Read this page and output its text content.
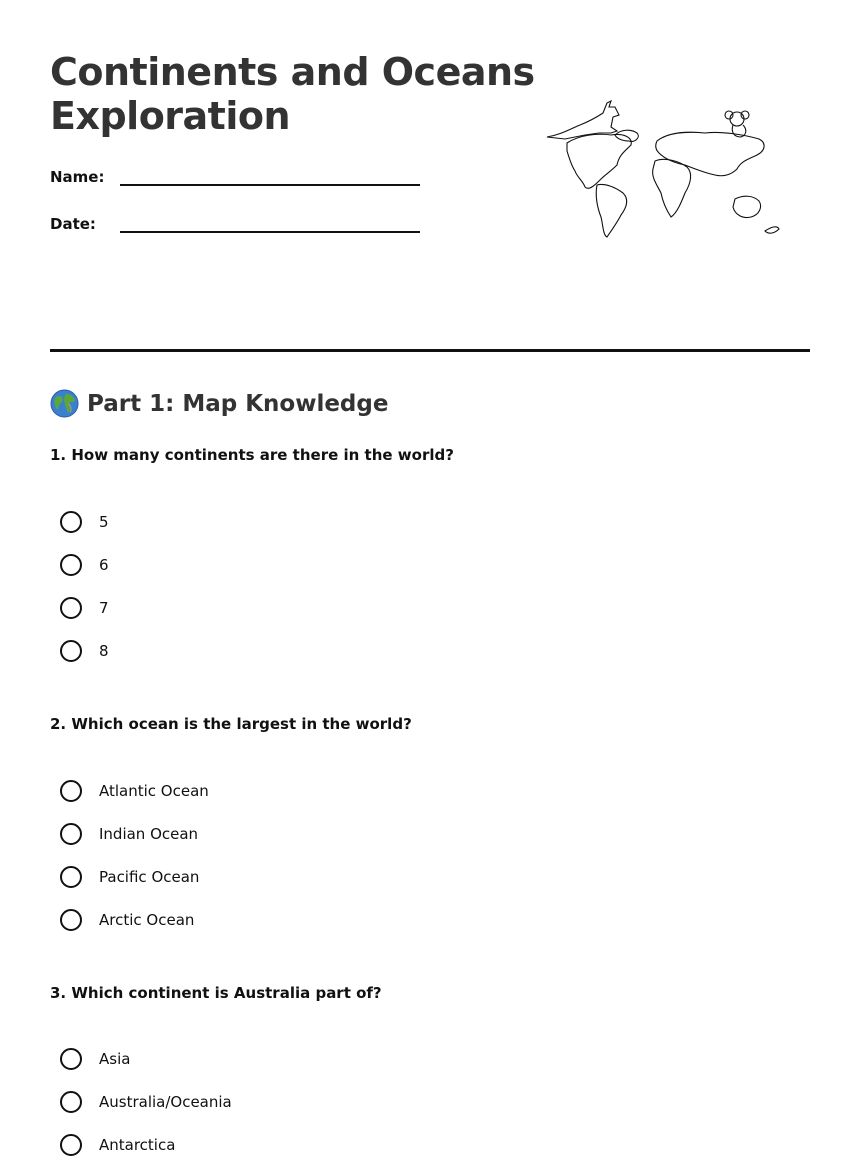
Continents and Oceans Exploration
Name:
Date:
Part 1: Map Knowledge
1. How many continents are there in the world?
5
6
7
8
2. Which ocean is the largest in the world?
Atlantic Ocean
Indian Ocean
Pacific Ocean
Arctic Ocean
3. Which continent is Australia part of?
Asia
Australia/Oceania
Antarctica
